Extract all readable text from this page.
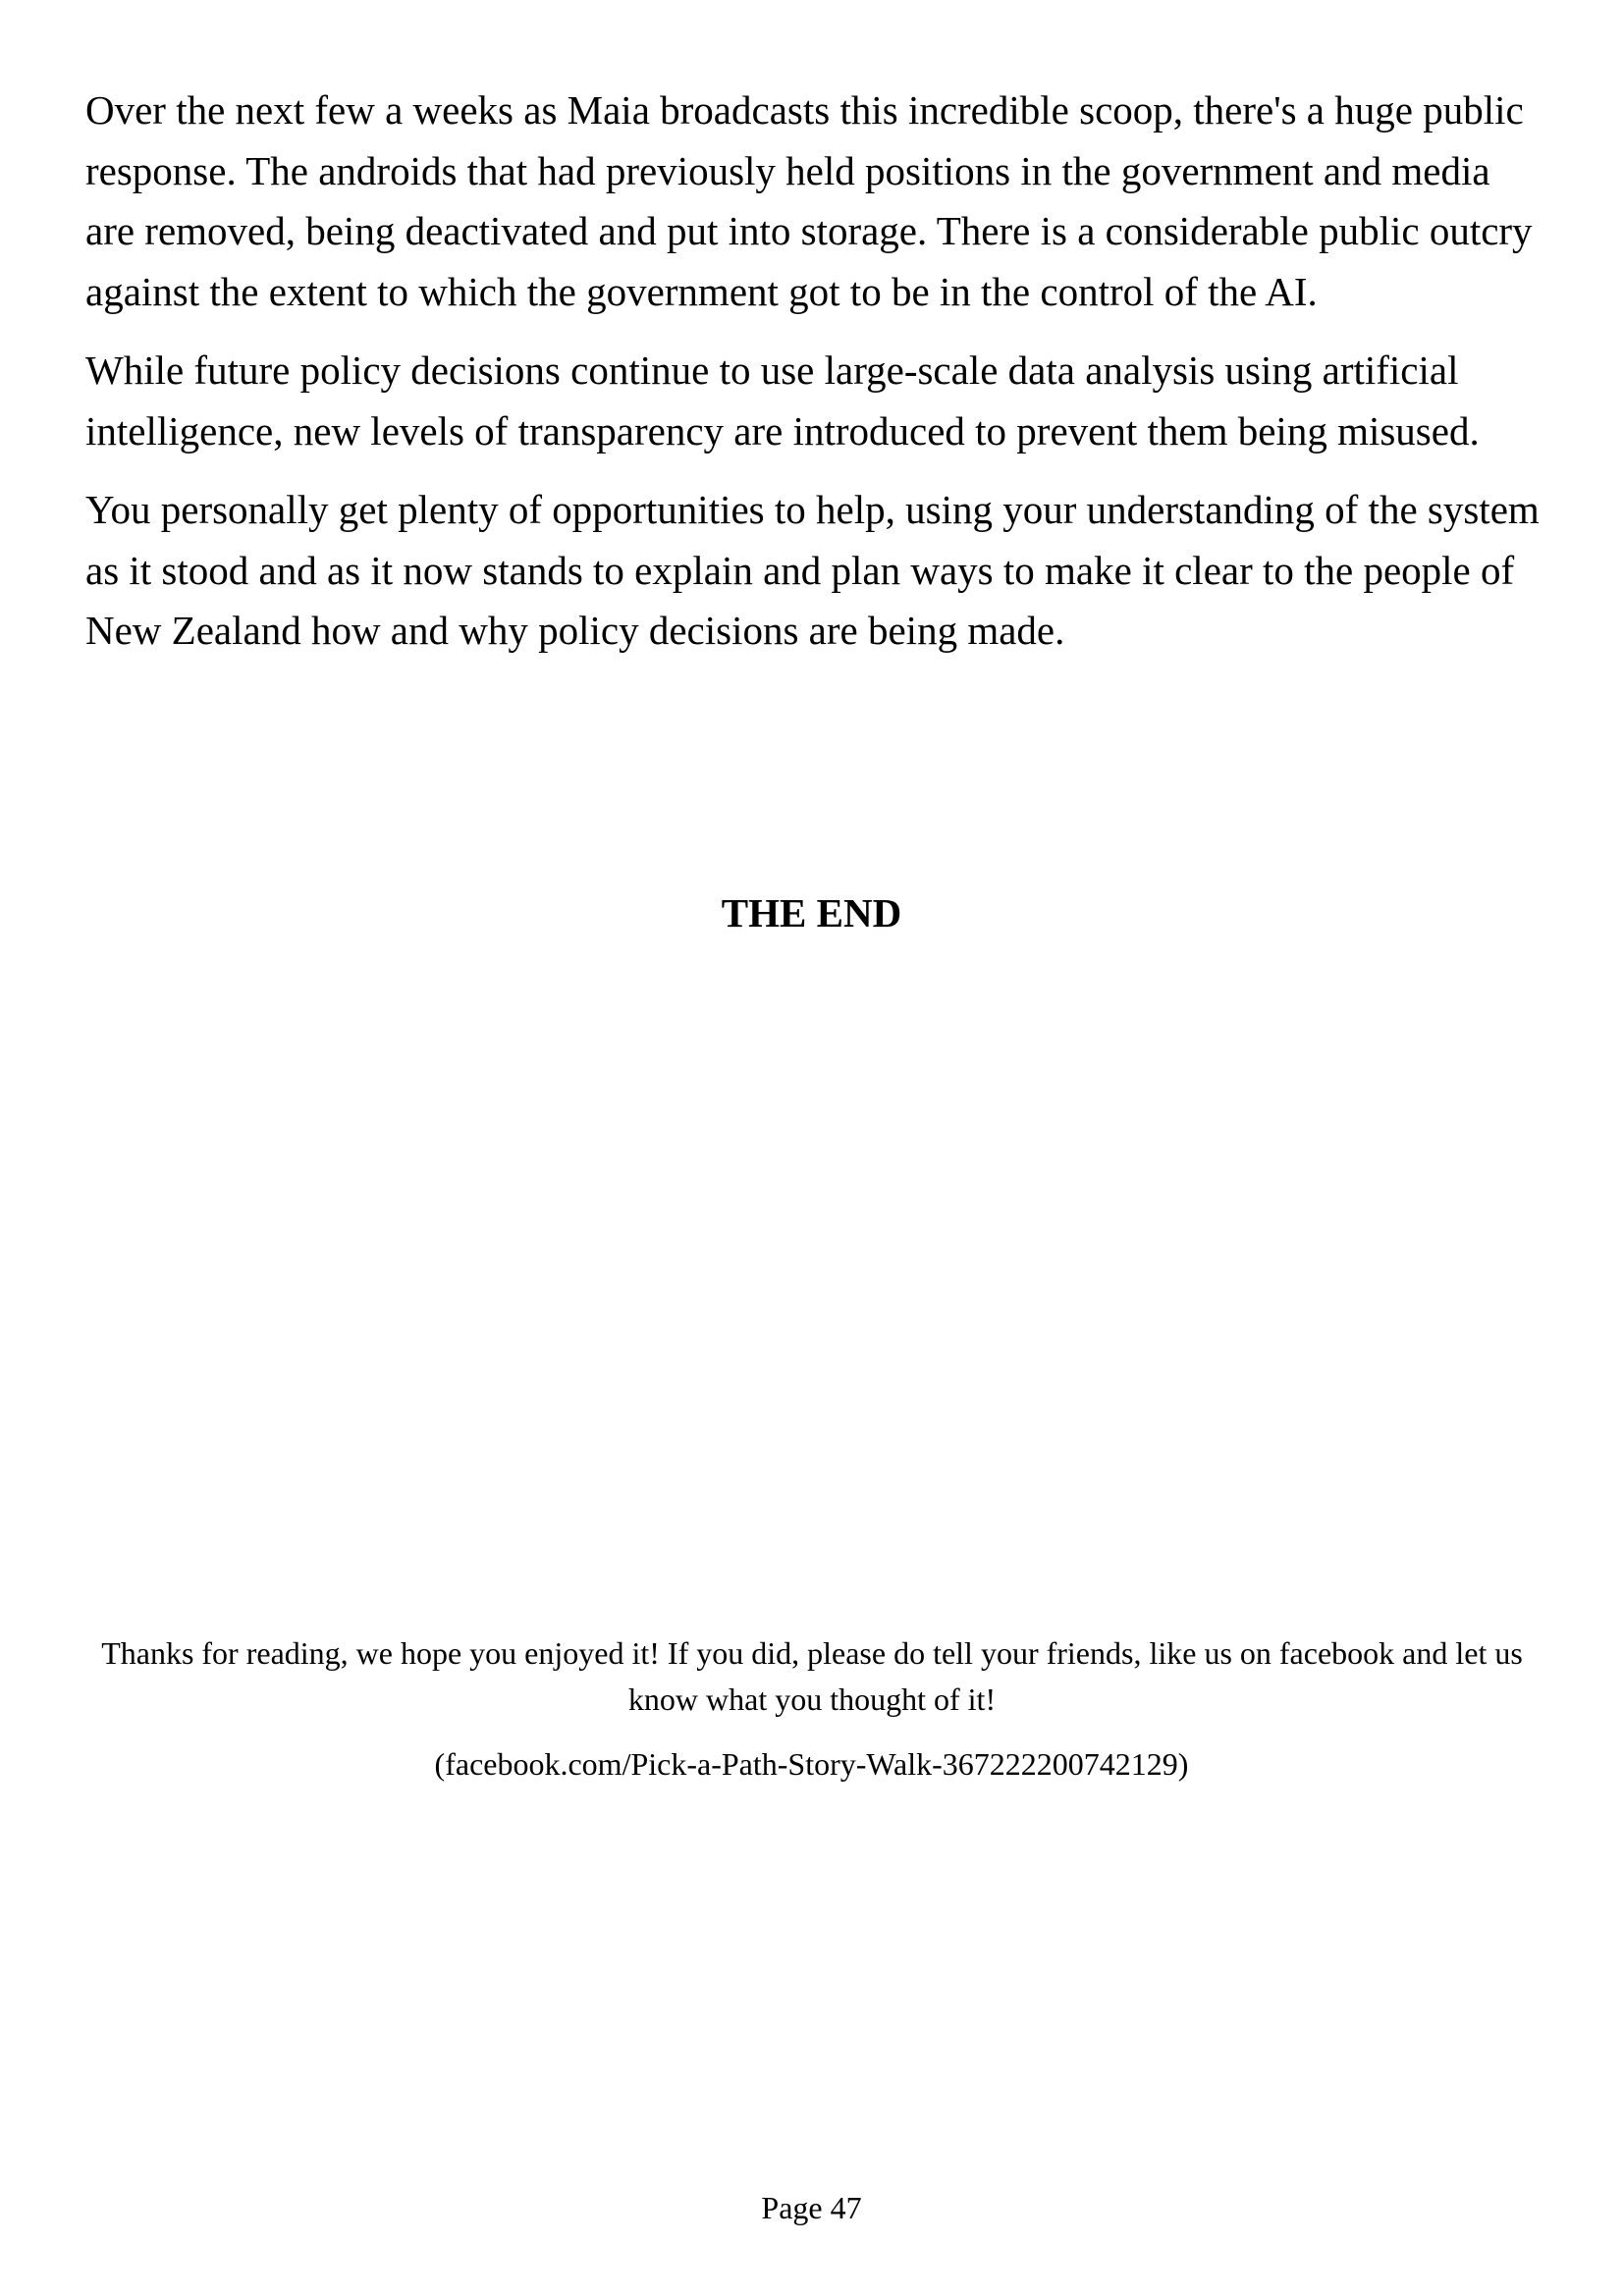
Over the next few a weeks as Maia broadcasts this incredible scoop, there's a huge public response. The androids that had previously held positions in the government and media are removed, being deactivated and put into storage. There is a considerable public outcry against the extent to which the government got to be in the control of the AI.

While future policy decisions continue to use large-scale data analysis using artificial intelligence, new levels of transparency are introduced to prevent them being misused.

You personally get plenty of opportunities to help, using your understanding of the system as it stood and as it now stands to explain and plan ways to make it clear to the people of New Zealand how and why policy decisions are being made.

THE END

Thanks for reading, we hope you enjoyed it! If you did, please do tell your friends, like us on facebook and let us know what you thought of it!

(facebook.com/Pick-a-Path-Story-Walk-367222200742129)

Page 47
